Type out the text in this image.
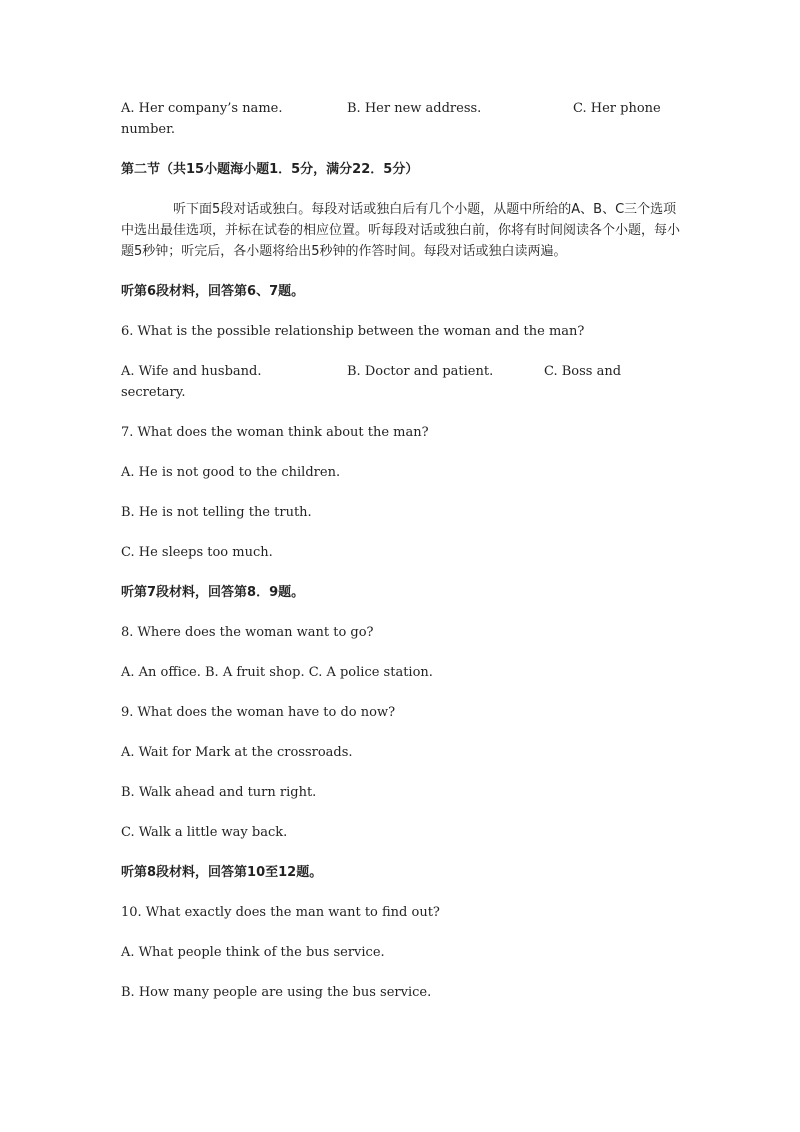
A. Her company’s name.	B. Her new address.	C. Her phone
number.
第二节（共15小题海小题1．5分，满分22．5分）
听下面5段对话或独白。每段对话或独白后有几个小题，从题中所给的A、B、C三个选项中选出最佳选项，并标在试卷的相应位置。听每段对话或独白前，你将有时间阅读各个小题，每小题5秒钟；听完后，各小题将给出5秒钟的作答时间。每段对话或独白读两遍。
听第6段材料，回答第6、7题。
6. What is the possible relationship between the woman and the man?
A. Wife and husband.	B. Doctor and patient.	C. Boss and
secretary.
7. What does the woman think about the man?
A. He is not good to the children.
B. He is not telling the truth.
C. He sleeps too much.
听第7段材料，回答第8．9题。
8. Where does the woman want to go?
A. An office. B. A fruit shop. C. A police station.
9. What does the woman have to do now?
A. Wait for Mark at the crossroads.
B. Walk ahead and turn right.
C. Walk a little way back.
听第8段材料，回答第10至12题。
10. What exactly does the man want to find out?
A. What people think of the bus service.
B. How many people are using the bus service.
